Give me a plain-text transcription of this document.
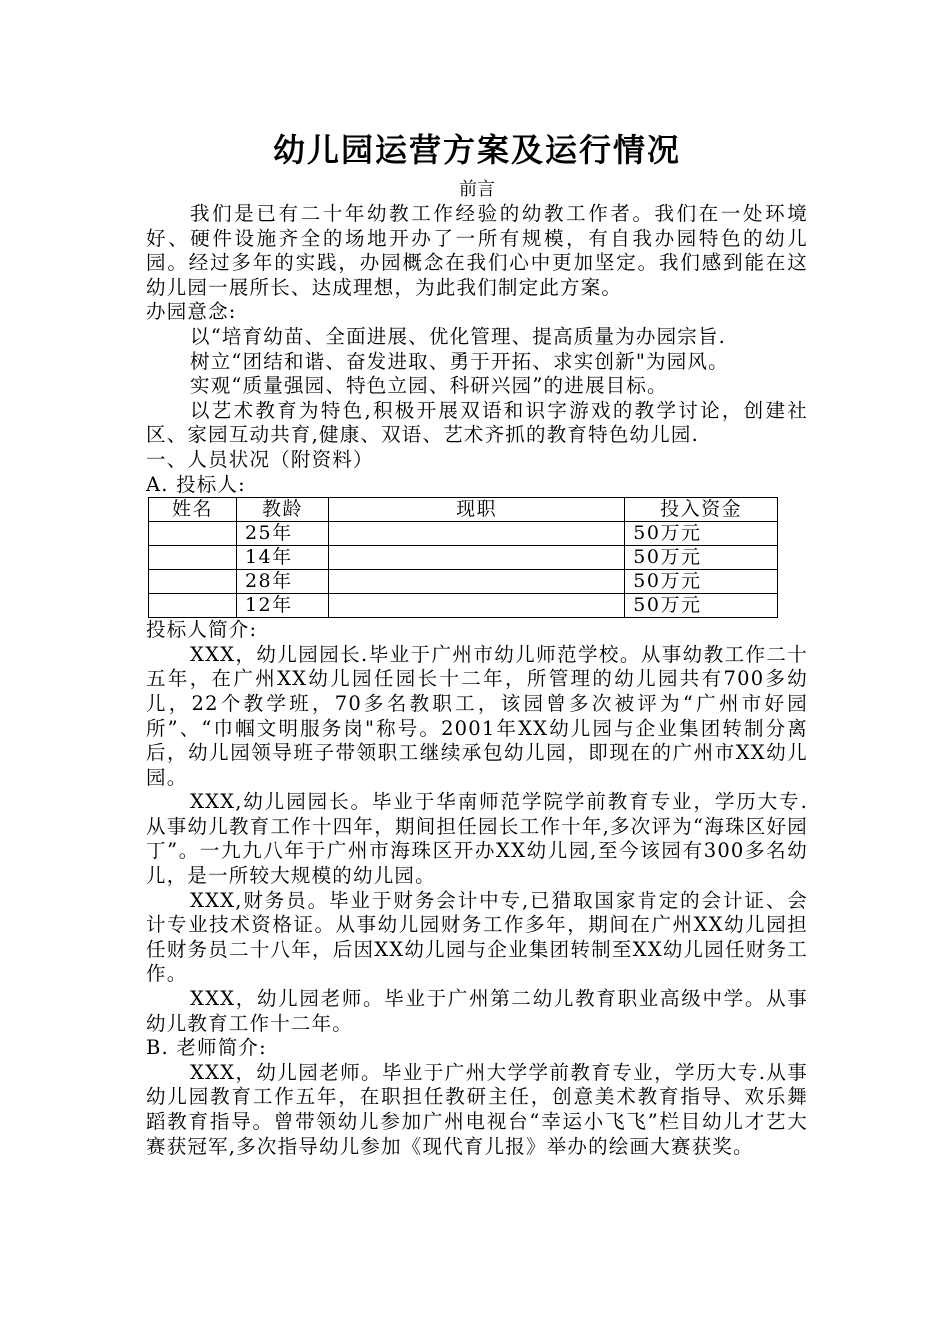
幼儿园运营方案及运行情况
前言

我们是已有二十年幼教工作经验的幼教工作者。我们在一处环境好、硬件设施齐全的场地开办了一所有规模，有自我办园特色的幼儿园。经过多年的实践，办园概念在我们心中更加坚定。我们感到能在这幼儿园一展所长、达成理想，为此我们制定此方案。

办园意念:

以“培育幼苗、全面进展、优化管理、提高质量为办园宗旨.

树立“团结和谐、奋发进取、勇于开拓、求实创新"为园风。

实观“质量强园、特色立园、科研兴园”的进展目标。

以艺术教育为特色,积极开展双语和识字游戏的教学讨论，创建社区、家园互动共育,健康、双语、艺术齐抓的教育特色幼儿园.

一、人员状况（附资料）
A. 投标人:
姓名	教龄	现职	投入资金
	25年		50万元
	14年		50万元
	28年		50万元
	12年		50万元
投标人简介:

XXX，幼儿园园长.毕业于广州市幼儿师范学校。从事幼教工作二十五年，在广州XX幼儿园任园长十二年，所管理的幼儿园共有700多幼儿，22个教学班，70多名教职工，该园曾多次被评为“广州市好园所”、“巾帼文明服务岗"称号。2001年XX幼儿园与企业集团转制分离后，幼儿园领导班子带领职工继续承包幼儿园，即现在的广州市XX幼儿园。

XXX,幼儿园园长。毕业于华南师范学院学前教育专业，学历大专.从事幼儿教育工作十四年，期间担任园长工作十年,多次评为“海珠区好园丁”。一九九八年于广州市海珠区开办XX幼儿园,至今该园有300多名幼儿，是一所较大规模的幼儿园。

XXX,财务员。毕业于财务会计中专,已猎取国家肯定的会计证、会计专业技术资格证。从事幼儿园财务工作多年，期间在广州XX幼儿园担任财务员二十八年，后因XX幼儿园与企业集团转制至XX幼儿园任财务工作。

XXX，幼儿园老师。毕业于广州第二幼儿教育职业高级中学。从事幼儿教育工作十二年。

B. 老师简介:

XXX，幼儿园老师。毕业于广州大学学前教育专业，学历大专.从事幼儿园教育工作五年，在职担任教研主任，创意美术教育指导、欢乐舞蹈教育指导。曾带领幼儿参加广州电视台“幸运小飞飞”栏目幼儿才艺大赛获冠军,多次指导幼儿参加《现代育儿报》举办的绘画大赛获奖。
